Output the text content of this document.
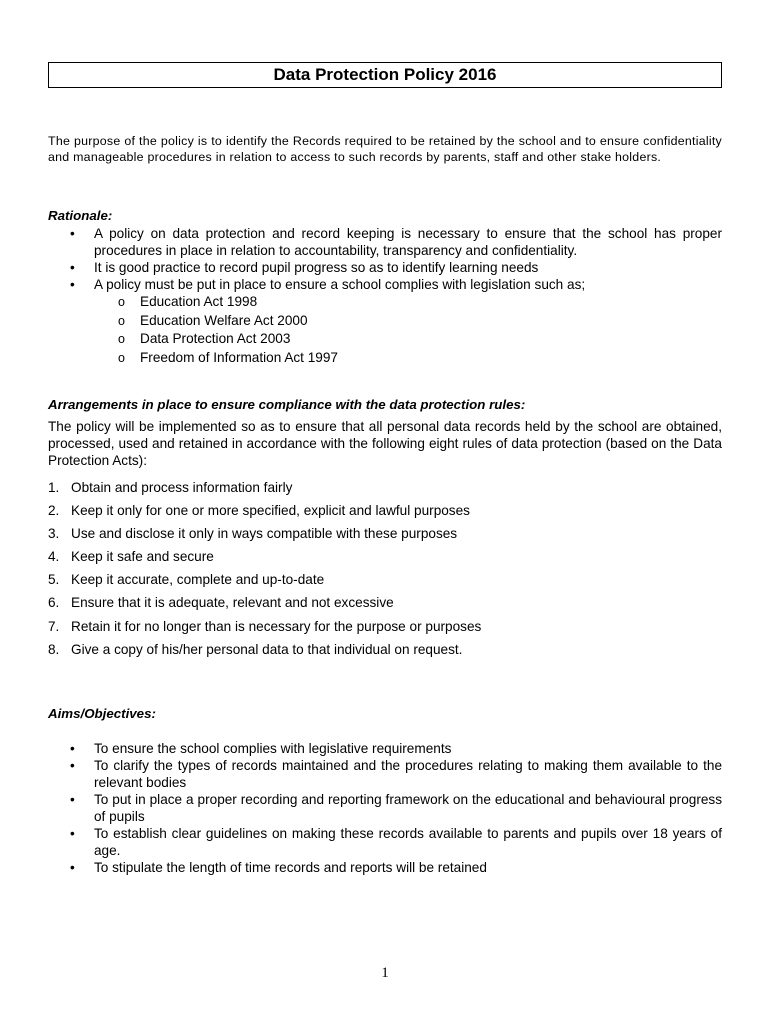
Data Protection Policy 2016
The purpose of the policy is to identify the Records required to be retained by the school and to ensure confidentiality and manageable procedures in relation to access to such records by parents, staff and other stake holders.
Rationale:
• A policy on data protection and record keeping is necessary to ensure that the school has proper procedures in place in relation to accountability, transparency and confidentiality.
• It is good practice to record pupil progress so as to identify learning needs
• A policy must be put in place to ensure a school complies with legislation such as;
o Education Act 1998
o Education Welfare Act 2000
o Data Protection Act 2003
o Freedom of Information Act 1997
Arrangements in place to ensure compliance with the data protection rules:
The policy will be implemented so as to ensure that all personal data records held by the school are obtained, processed, used and retained in accordance with the following eight rules of data protection (based on the Data Protection Acts):
1. Obtain and process information fairly
2. Keep it only for one or more specified, explicit and lawful purposes
3. Use and disclose it only in ways compatible with these purposes
4. Keep it safe and secure
5. Keep it accurate, complete and up-to-date
6. Ensure that it is adequate, relevant and not excessive
7. Retain it for no longer than is necessary for the purpose or purposes
8. Give a copy of his/her personal data to that individual on request.
Aims/Objectives:
• To ensure the school complies with legislative requirements
• To clarify the types of records maintained and the procedures relating to making them available to the relevant bodies
• To put in place a proper recording and reporting framework on the educational and behavioural progress of pupils
• To establish clear guidelines on making these records available to parents and pupils over 18 years of age.
• To stipulate the length of time records and reports will be retained
1
